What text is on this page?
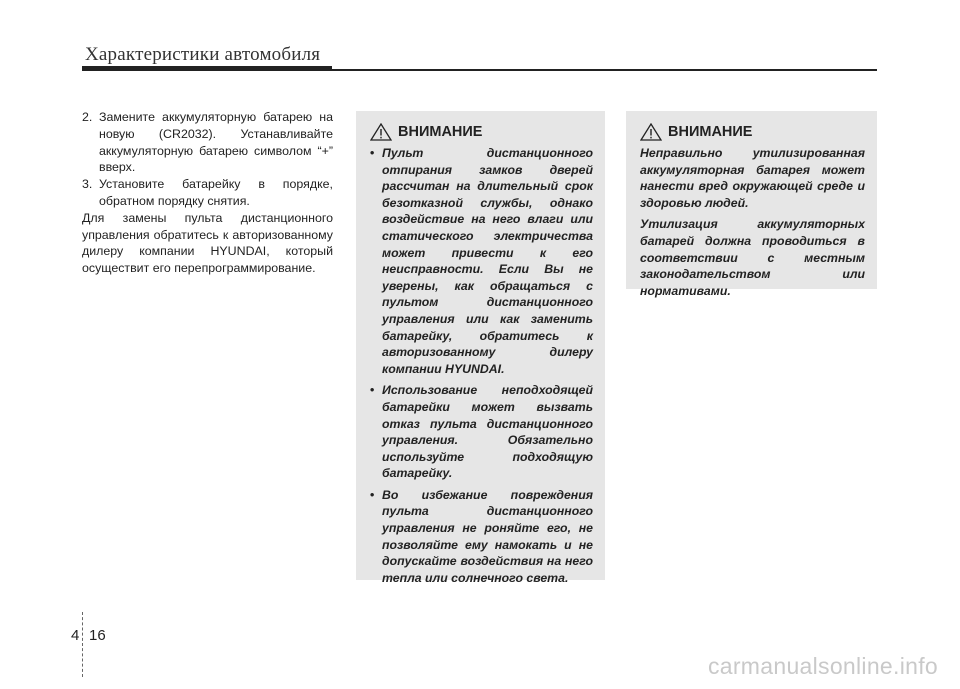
Характеристики автомобиля
2. Замените аккумуляторную батарею на новую (CR2032). Устанавливайте аккумуляторную батарею символом “+” вверх.
3. Установите батарейку в порядке, обратном порядку снятия.
Для замены пульта дистанционного управления обратитесь к авторизованному дилеру компании HYUNDAI, который осуществит его перепрограммирование.
ВНИМАНИЕ
• Пульт дистанционного отпирания замков дверей рассчитан на длительный срок безотказной службы, однако воздействие на него влаги или статического электричества может привести к его неисправности. Если Вы не уверены, как обращаться с пультом дистанционного управления или как заменить батарейку, обратитесь к авторизованному дилеру компании HYUNDAI.
• Использование неподходящей батарейки может вызвать отказ пульта дистанционного управления. Обязательно используйте подходящую батарейку.
• Во избежание повреждения пульта дистанционного управления не роняйте его, не позволяйте ему намокать и не допускайте воздействия на него тепла или солнечного света.
ВНИМАНИЕ

Неправильно утилизированная аккумуляторная батарея может нанести вред окружающей среде и здоровью людей.

Утилизация аккумуляторных батарей должна проводиться в соответствии с местным законодательством или нормативами.

4 16
carmanualsonline.info
